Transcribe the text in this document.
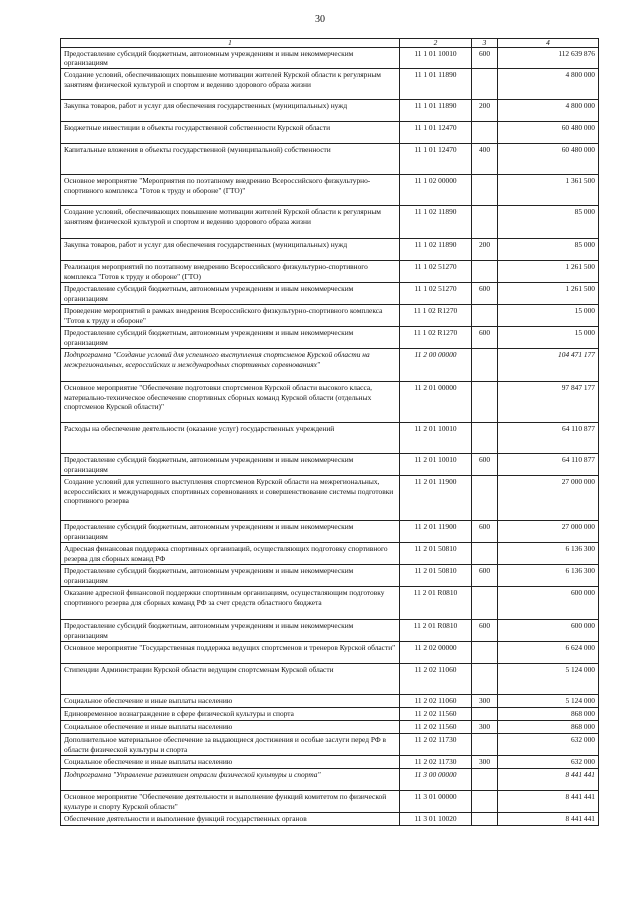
30
1	2	3	4
Предоставление субсидий бюджетным, автономным учреждениям и иным некоммерческим организациям	11 1 01 10010	600	112 639 876
Создание условий, обеспечивающих повышение мотивации жителей Курской области к регулярным занятиям физической культурой и спортом и ведению здорового образа жизни	11 1 01 11890		4 800 000
Закупка товаров, работ и услуг для обеспечения государственных (муниципальных) нужд	11 1 01 11890	200	4 800 000
Бюджетные инвестиции в объекты государственной собственности Курской области	11 1 01 12470		60 480 000
Капитальные вложения в объекты государственной (муниципальной) собственности	11 1 01 12470	400	60 480 000
Основное мероприятие "Мероприятия по поэтапному внедрению Всероссийского физкультурно-спортивного комплекса "Готов к труду и обороне" (ГТО)"	11 1 02 00000		1 361 500
Создание условий, обеспечивающих повышение мотивации жителей Курской области к регулярным занятиям физической культурой и спортом и ведению здорового образа жизни	11 1 02 11890		85 000
Закупка товаров, работ и услуг для обеспечения государственных (муниципальных) нужд	11 1 02 11890	200	85 000
Реализация мероприятий по поэтапному внедрению Всероссийского физкультурно-спортивного комплекса "Готов к труду и обороне" (ГТО)	11 1 02 51270		1 261 500
Предоставление субсидий бюджетным, автономным учреждениям и иным некоммерческим организациям	11 1 02 51270	600	1 261 500
Проведение мероприятий в рамках внедрения Всероссийского физкультурно-спортивного комплекса "Готов к труду и обороне"	11 1 02 R1270		15 000
Предоставление субсидий бюджетным, автономным учреждениям и иным некоммерческим организациям	11 1 02 R1270	600	15 000
Подпрограмма "Создание условий для успешного выступления спортсменов Курской области на межрегиональных, всероссийских и международных спортивных соревнованиях"	11 2 00 00000		104 471 177
Основное мероприятие "Обеспечение подготовки спортсменов Курской области высокого класса, материально-техническое обеспечение спортивных сборных команд Курской области (отдельных спортсменов Курской области)"	11 2 01 00000		97 847 177
Расходы на обеспечение деятельности (оказание услуг) государственных учреждений	11 2 01 10010		64 110 877
Предоставление субсидий бюджетным, автономным учреждениям и иным некоммерческим организациям	11 2 01 10010	600	64 110 877
Создание условий для успешного выступления спортсменов Курской области на межрегиональных, всероссийских и международных спортивных соревнованиях и совершенствование системы подготовки спортивного резерва	11 2 01 11900		27 000 000
Предоставление субсидий бюджетным, автономным учреждениям и иным некоммерческим организациям	11 2 01 11900	600	27 000 000
Адресная финансовая поддержка спортивных организаций, осуществляющих подготовку спортивного резерва для сборных команд РФ	11 2 01 50810		6 136 300
Предоставление субсидий бюджетным, автономным учреждениям и иным некоммерческим организациям	11 2 01 50810	600	6 136 300
Оказание адресной финансовой поддержки спортивным организациям, осуществляющим подготовку спортивного резерва для сборных команд РФ за счет средств областного бюджета	11 2 01 R0810		600 000
Предоставление субсидий бюджетным, автономным учреждениям и иным некоммерческим организациям	11 2 01 R0810	600	600 000
Основное мероприятие "Государственная поддержка ведущих спортсменов и тренеров Курской области"	11 2 02 00000		6 624 000
Стипендии Администрации Курской области ведущим спортсменам Курской области	11 2 02 11060		5 124 000
Социальное обеспечение и иные выплаты населению	11 2 02 11060	300	5 124 000
Единовременное вознаграждение в сфере физической культуры и спорта	11 2 02 11560		868 000
Социальное обеспечение и иные выплаты населению	11 2 02 11560	300	868 000
Дополнительное материальное обеспечение за выдающиеся достижения и особые заслуги перед РФ в области физической культуры и спорта	11 2 02 11730		632 000
Социальное обеспечение и иные выплаты населению	11 2 02 11730	300	632 000
Подпрограмма "Управление развитием отрасли физической культуры и спорта"	11 3 00 00000		8 441 441
Основное мероприятие "Обеспечение деятельности и выполнение функций комитетом по физической культуре и спорту Курской области"	11 3 01 00000		8 441 441
Обеспечение деятельности и выполнение функций государственных органов	11 3 01 10020		8 441 441
